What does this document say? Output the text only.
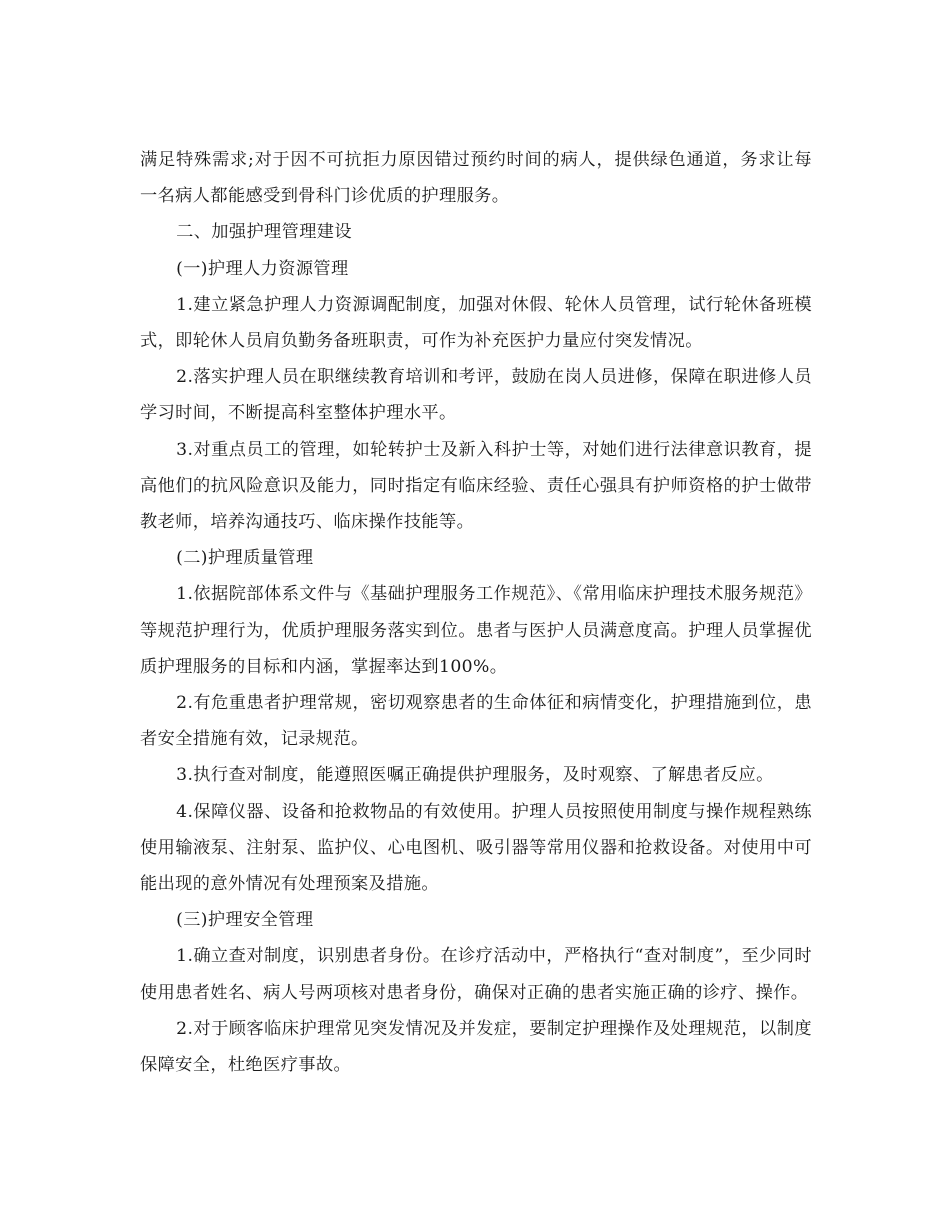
满足特殊需求;对于因不可抗拒力原因错过预约时间的病人，提供绿色通道，务求让每一名病人都能感受到骨科门诊优质的护理服务。

二、加强护理管理建设

(一)护理人力资源管理

1.建立紧急护理人力资源调配制度，加强对休假、轮休人员管理，试行轮休备班模式，即轮休人员肩负勤务备班职责，可作为补充医护力量应付突发情况。

2.落实护理人员在职继续教育培训和考评，鼓励在岗人员进修，保障在职进修人员学习时间，不断提高科室整体护理水平。

3.对重点员工的管理，如轮转护士及新入科护士等，对她们进行法律意识教育，提高他们的抗风险意识及能力，同时指定有临床经验、责任心强具有护师资格的护士做带教老师，培养沟通技巧、临床操作技能等。

(二)护理质量管理

1.依据院部体系文件与《基础护理服务工作规范》、《常用临床护理技术服务规范》等规范护理行为，优质护理服务落实到位。患者与医护人员满意度高。护理人员掌握优质护理服务的目标和内涵，掌握率达到100%。

2.有危重患者护理常规，密切观察患者的生命体征和病情变化，护理措施到位，患者安全措施有效，记录规范。

3.执行查对制度，能遵照医嘱正确提供护理服务，及时观察、了解患者反应。

4.保障仪器、设备和抢救物品的有效使用。护理人员按照使用制度与操作规程熟练使用输液泵、注射泵、监护仪、心电图机、吸引器等常用仪器和抢救设备。对使用中可能出现的意外情况有处理预案及措施。

(三)护理安全管理

1.确立查对制度，识别患者身份。在诊疗活动中，严格执行“查对制度”，至少同时使用患者姓名、病人号两项核对患者身份，确保对正确的患者实施正确的诊疗、操作。

2.对于顾客临床护理常见突发情况及并发症，要制定护理操作及处理规范，以制度保障安全，杜绝医疗事故。
